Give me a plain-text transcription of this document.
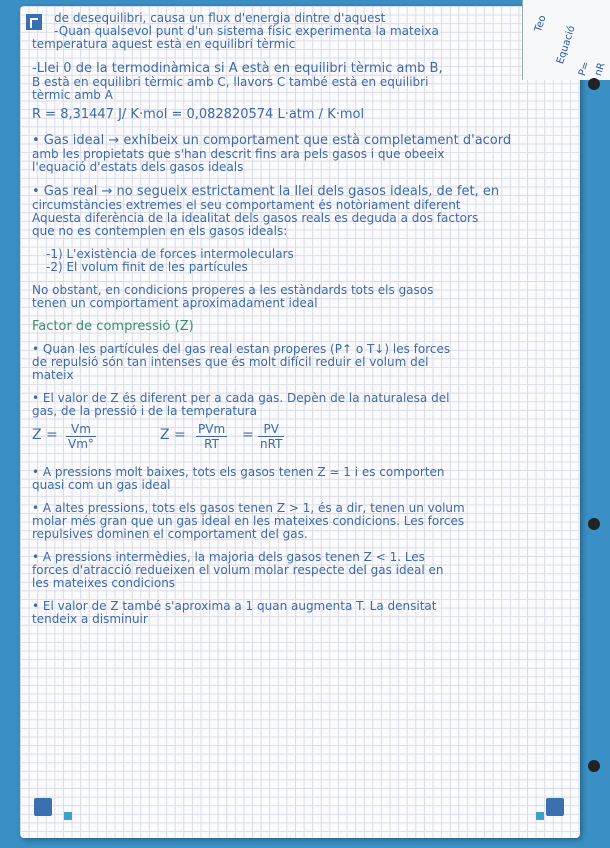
de desequilibri, causa un flux d'energia dintre d'aquest

-Quan qualsevol punt d'un sistema físic experimenta la mateixa

temperatura aquest està en equilibri tèrmic

-Llei 0 de la termodinàmica si A està en equilibri tèrmic amb B,

B està en equilibri tèrmic amb C, llavors C també està en equilibri

tèrmic amb A

R = 8,31447 J/ K·mol = 0,082820574 L·atm / K·mol

• Gas ideal → exhibeix un comportament que està completament d'acord

amb les propietats que s'han descrit fins ara pels gasos i que obeeix

l'equació d'estats dels gasos ideals

• Gas real → no segueix estrictament la llei dels gasos ideals, de fet, en

circumstàncies extremes el seu comportament és notòriament diferent

Aquesta diferència de la idealitat dels gasos reals es deguda a dos factors

que no es contemplen en els gasos ideals:

-1) L'existència de forces intermoleculars

-2) El volum finit de les partícules

No obstant, en condicions properes a les estàndards tots els gasos

tenen un comportament aproximadament ideal

Factor de compressió (Z)

• Quan les partícules del gas real estan properes (P↑ o T↓) les forces

de repulsió són tan intenses que és molt difícil reduir el volum del

mateix

• El valor de Z és diferent per a cada gas. Depèn de la naturalesa del

gas, de la pressió i de la temperatura

$Z = \frac{Vm}{Vm^\circ}$	Z = PVm
RT
= PV
nRT

• A pressions molt baixes, tots els gasos tenen Z ≃ 1 i es comporten

quasi com un gas ideal

• A altes pressions, tots els gasos tenen Z > 1, és a dir, tenen un volum

molar més gran que un gas ideal en les mateixes condicions. Les forces

repulsives dominen el comportament del gas.

• A pressions intermèdies, la majoria dels gasos tenen Z < 1. Les

forces d'atracció redueixen el volum molar respecte del gas ideal en

les mateixes condicions

• El valor de Z també s'aproxima a 1 quan augmenta T. La densitat

tendeix a disminuir

Teo
Equació
P= nR
